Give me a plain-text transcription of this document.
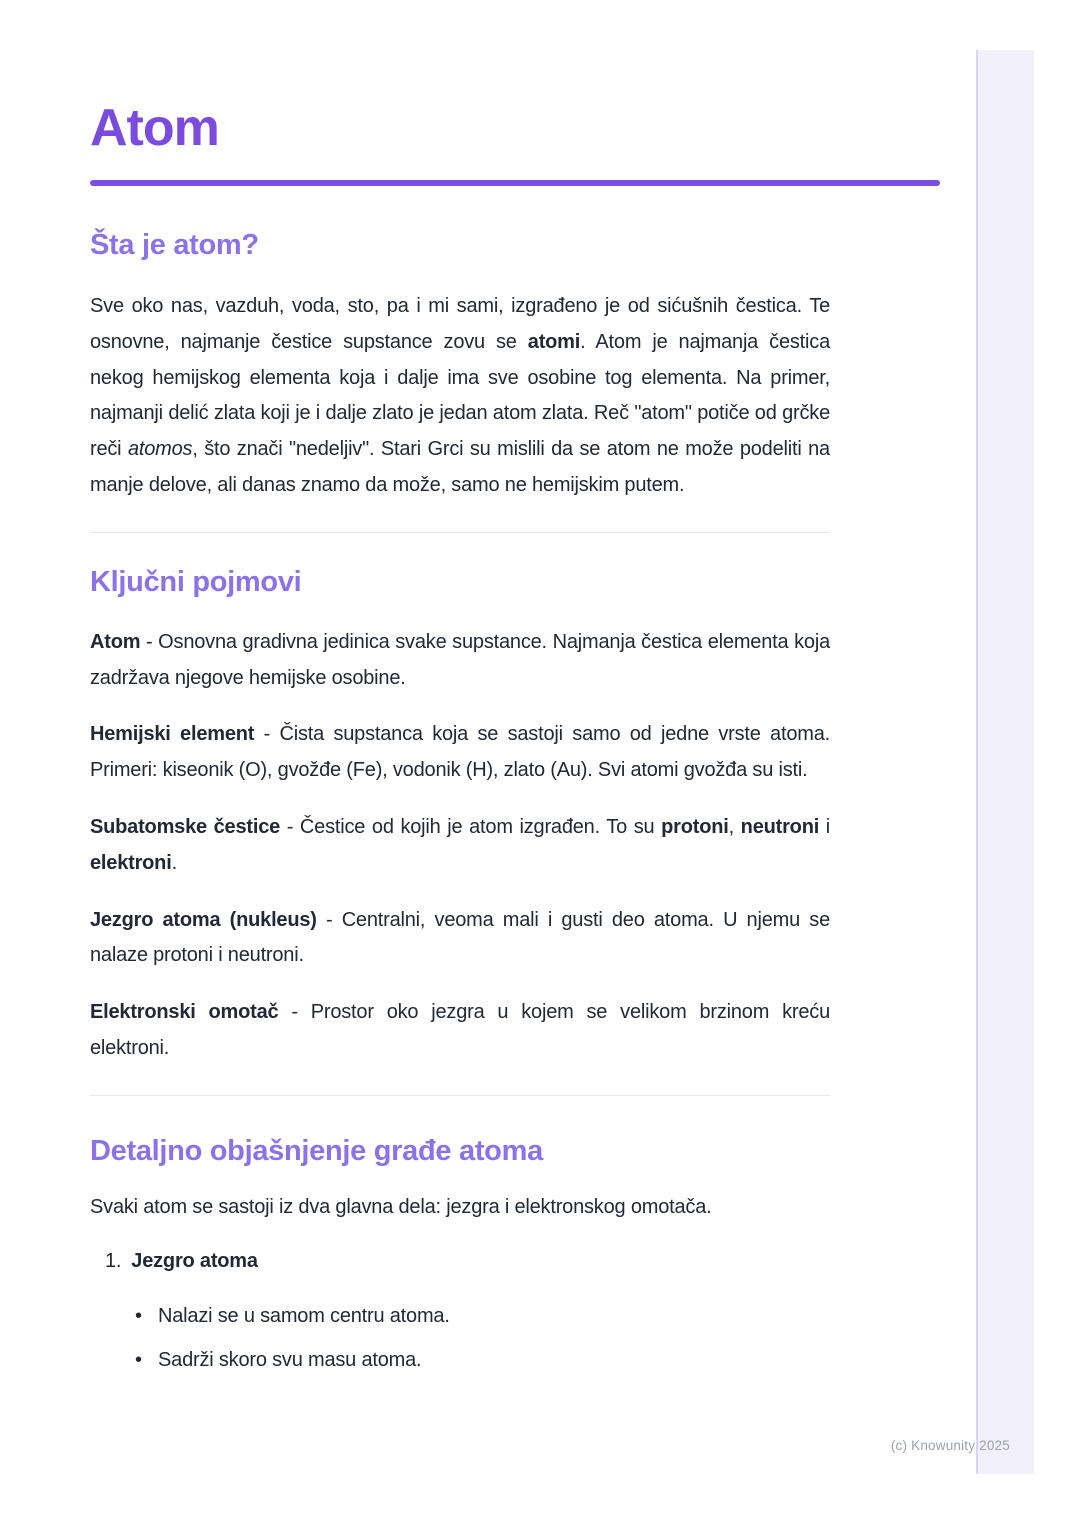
Atom
Šta je atom?

Sve oko nas, vazduh, voda, sto, pa i mi sami, izgrađeno je od sićušnih čestica. Te osnovne, najmanje čestice supstance zovu se atomi. Atom je najmanja čestica nekog hemijskog elementa koja i dalje ima sve osobine tog elementa. Na primer, najmanji delić zlata koji je i dalje zlato je jedan atom zlata. Reč "atom" potiče od grčke reči atomos, što znači "nedeljiv". Stari Grci su mislili da se atom ne može podeliti na manje delove, ali danas znamo da može, samo ne hemijskim putem.

Ključni pojmovi

Atom - Osnovna gradivna jedinica svake supstance. Najmanja čestica elementa koja zadržava njegove hemijske osobine.

Hemijski element - Čista supstanca koja se sastoji samo od jedne vrste atoma. Primeri: kiseonik (O), gvožđe (Fe), vodonik (H), zlato (Au). Svi atomi gvožđa su isti.

Subatomske čestice - Čestice od kojih je atom izgrađen. To su protoni, neutroni i elektroni.

Jezgro atoma (nukleus) - Centralni, veoma mali i gusti deo atoma. U njemu se nalaze protoni i neutroni.

Elektronski omotač - Prostor oko jezgra u kojem se velikom brzinom kreću elektroni.

Detaljno objašnjenje građe atoma

Svaki atom se sastoji iz dva glavna dela: jezgra i elektronskog omotača.

1. Jezgro atoma
• Nalazi se u samom centru atoma.
• Sadrži skoro svu masu atoma.
(c) Knowunity 2025
